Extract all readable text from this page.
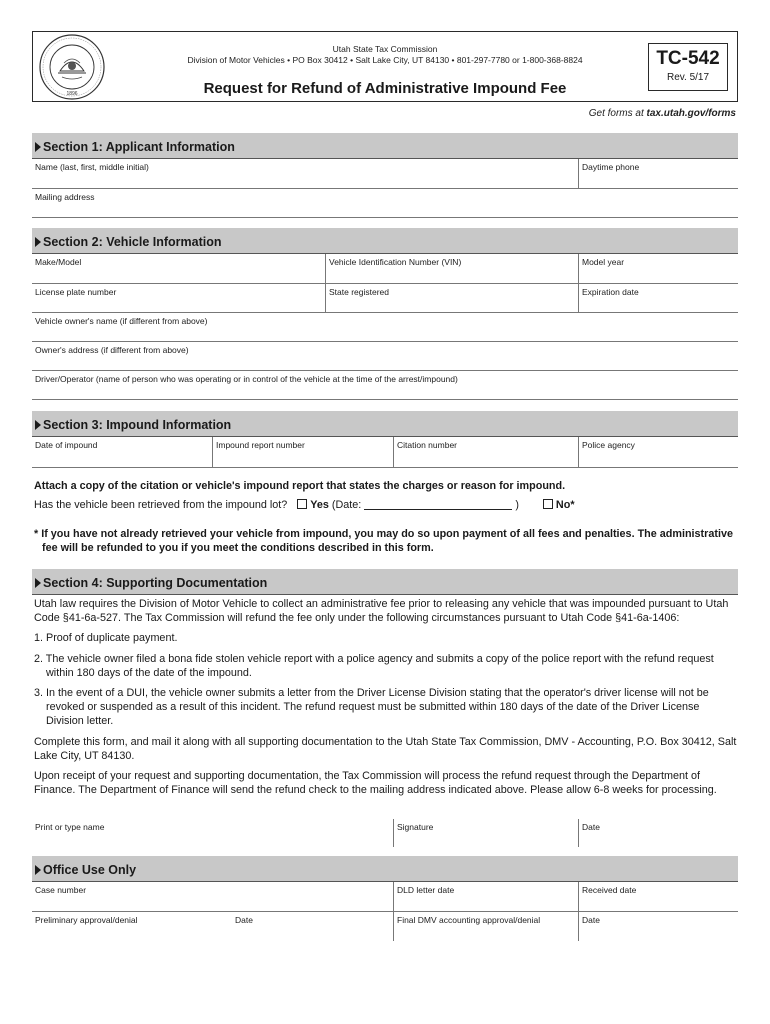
1896
Utah State Tax Commission
Division of Motor Vehicles • PO Box 30412 • Salt Lake City, UT 84130 • 801-297-7780 or 1-800-368-8824
Request for Refund of Administrative Impound Fee
TC-542
Rev. 5/17
Get forms at tax.utah.gov/forms
Section 1: Applicant Information
Name (last, first, middle initial)	Daytime phone
Mailing address
Section 2: Vehicle Information
Make/Model	Vehicle Identification Number (VIN)	Model year
License plate number	State registered	Expiration date
Vehicle owner's name (if different from above)
Owner's address (if different from above)
Driver/Operator (name of person who was operating or in control of the vehicle at the time of the arrest/impound)
Section 3: Impound Information
Date of impound	Impound report number	Citation number	Police agency
Attach a copy of the citation or vehicle's impound report that states the charges or reason for impound.
Has the vehicle been retrieved from the impound lot? Yes (Date:	)	No*
* If you have not already retrieved your vehicle from impound, you may do so upon payment of all fees and penalties. The administrative fee will be refunded to you if you meet the conditions described in this form.
Section 4: Supporting Documentation
Utah law requires the Division of Motor Vehicle to collect an administrative fee prior to releasing any vehicle that was impounded pursuant to Utah Code §41-6a-527. The Tax Commission will refund the fee only under the following circumstances pursuant to Utah Code §41-6a-1406:
1. Proof of duplicate payment.
2. The vehicle owner filed a bona fide stolen vehicle report with a police agency and submits a copy of the police report with the refund request within 180 days of the date of the impound.
3. In the event of a DUI, the vehicle owner submits a letter from the Driver License Division stating that the operator's driver license will not be revoked or suspended as a result of this incident. The refund request must be submitted within 180 days of the date of the Driver License Division letter.
Complete this form, and mail it along with all supporting documentation to the Utah State Tax Commission, DMV - Accounting, P.O. Box 30412, Salt Lake City, UT 84130.
Upon receipt of your request and supporting documentation, the Tax Commission will process the refund request through the Department of Finance. The Department of Finance will send the refund check to the mailing address indicated above. Please allow 6-8 weeks for processing.
Print or type name	Signature	Date
Office Use Only
Case number	DLD letter date	Received date
Preliminary approval/denial	Date	Final DMV accounting approval/denial	Date
